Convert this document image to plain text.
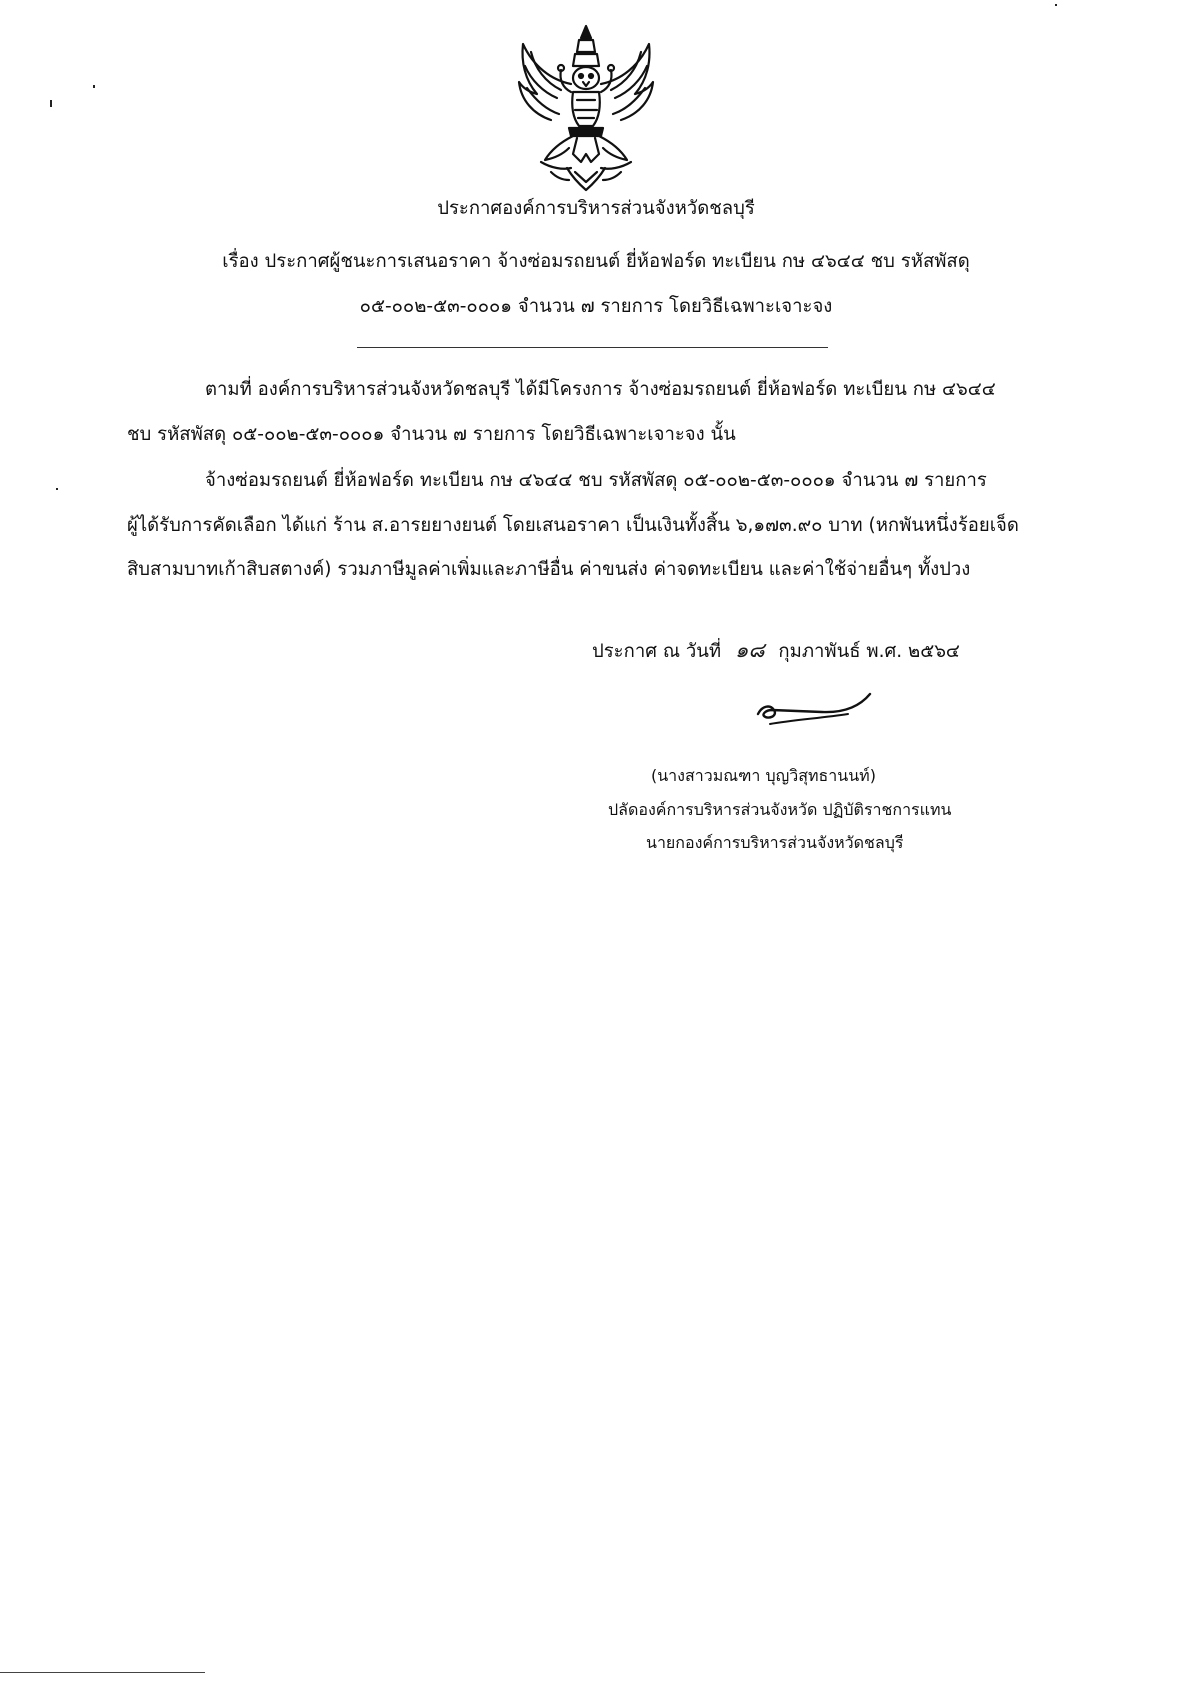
ประกาศองค์การบริหารส่วนจังหวัดชลบุรี
เรื่อง ประกาศผู้ชนะการเสนอราคา จ้างซ่อมรถยนต์ ยี่ห้อฟอร์ด ทะเบียน กษ ๔๖๔๔ ชบ รหัสพัสดุ
๐๕-๐๐๒-๕๓-๐๐๐๑ จำนวน ๗ รายการ โดยวิธีเฉพาะเจาะจง
ตามที่ องค์การบริหารส่วนจังหวัดชลบุรี ได้มีโครงการ จ้างซ่อมรถยนต์ ยี่ห้อฟอร์ด ทะเบียน กษ ๔๖๔๔
ชบ รหัสพัสดุ ๐๕-๐๐๒-๕๓-๐๐๐๑ จำนวน ๗ รายการ โดยวิธีเฉพาะเจาะจง นั้น
จ้างซ่อมรถยนต์ ยี่ห้อฟอร์ด ทะเบียน กษ ๔๖๔๔ ชบ รหัสพัสดุ ๐๕-๐๐๒-๕๓-๐๐๐๑ จำนวน ๗ รายการ
ผู้ได้รับการคัดเลือก ได้แก่ ร้าน ส.อารยยางยนต์ โดยเสนอราคา เป็นเงินทั้งสิ้น ๖,๑๗๓.๙๐ บาท (หกพันหนึ่งร้อยเจ็ด
สิบสามบาทเก้าสิบสตางค์) รวมภาษีมูลค่าเพิ่มและภาษีอื่น ค่าขนส่ง ค่าจดทะเบียน และค่าใช้จ่ายอื่นๆ ทั้งปวง
ประกาศ ณ วันที่ ๑๘ กุมภาพันธ์ พ.ศ. ๒๕๖๔
(นางสาวมณฑา บุญวิสุทธานนท์)
ปลัดองค์การบริหารส่วนจังหวัด ปฏิบัติราชการแทน
นายกองค์การบริหารส่วนจังหวัดชลบุรี
